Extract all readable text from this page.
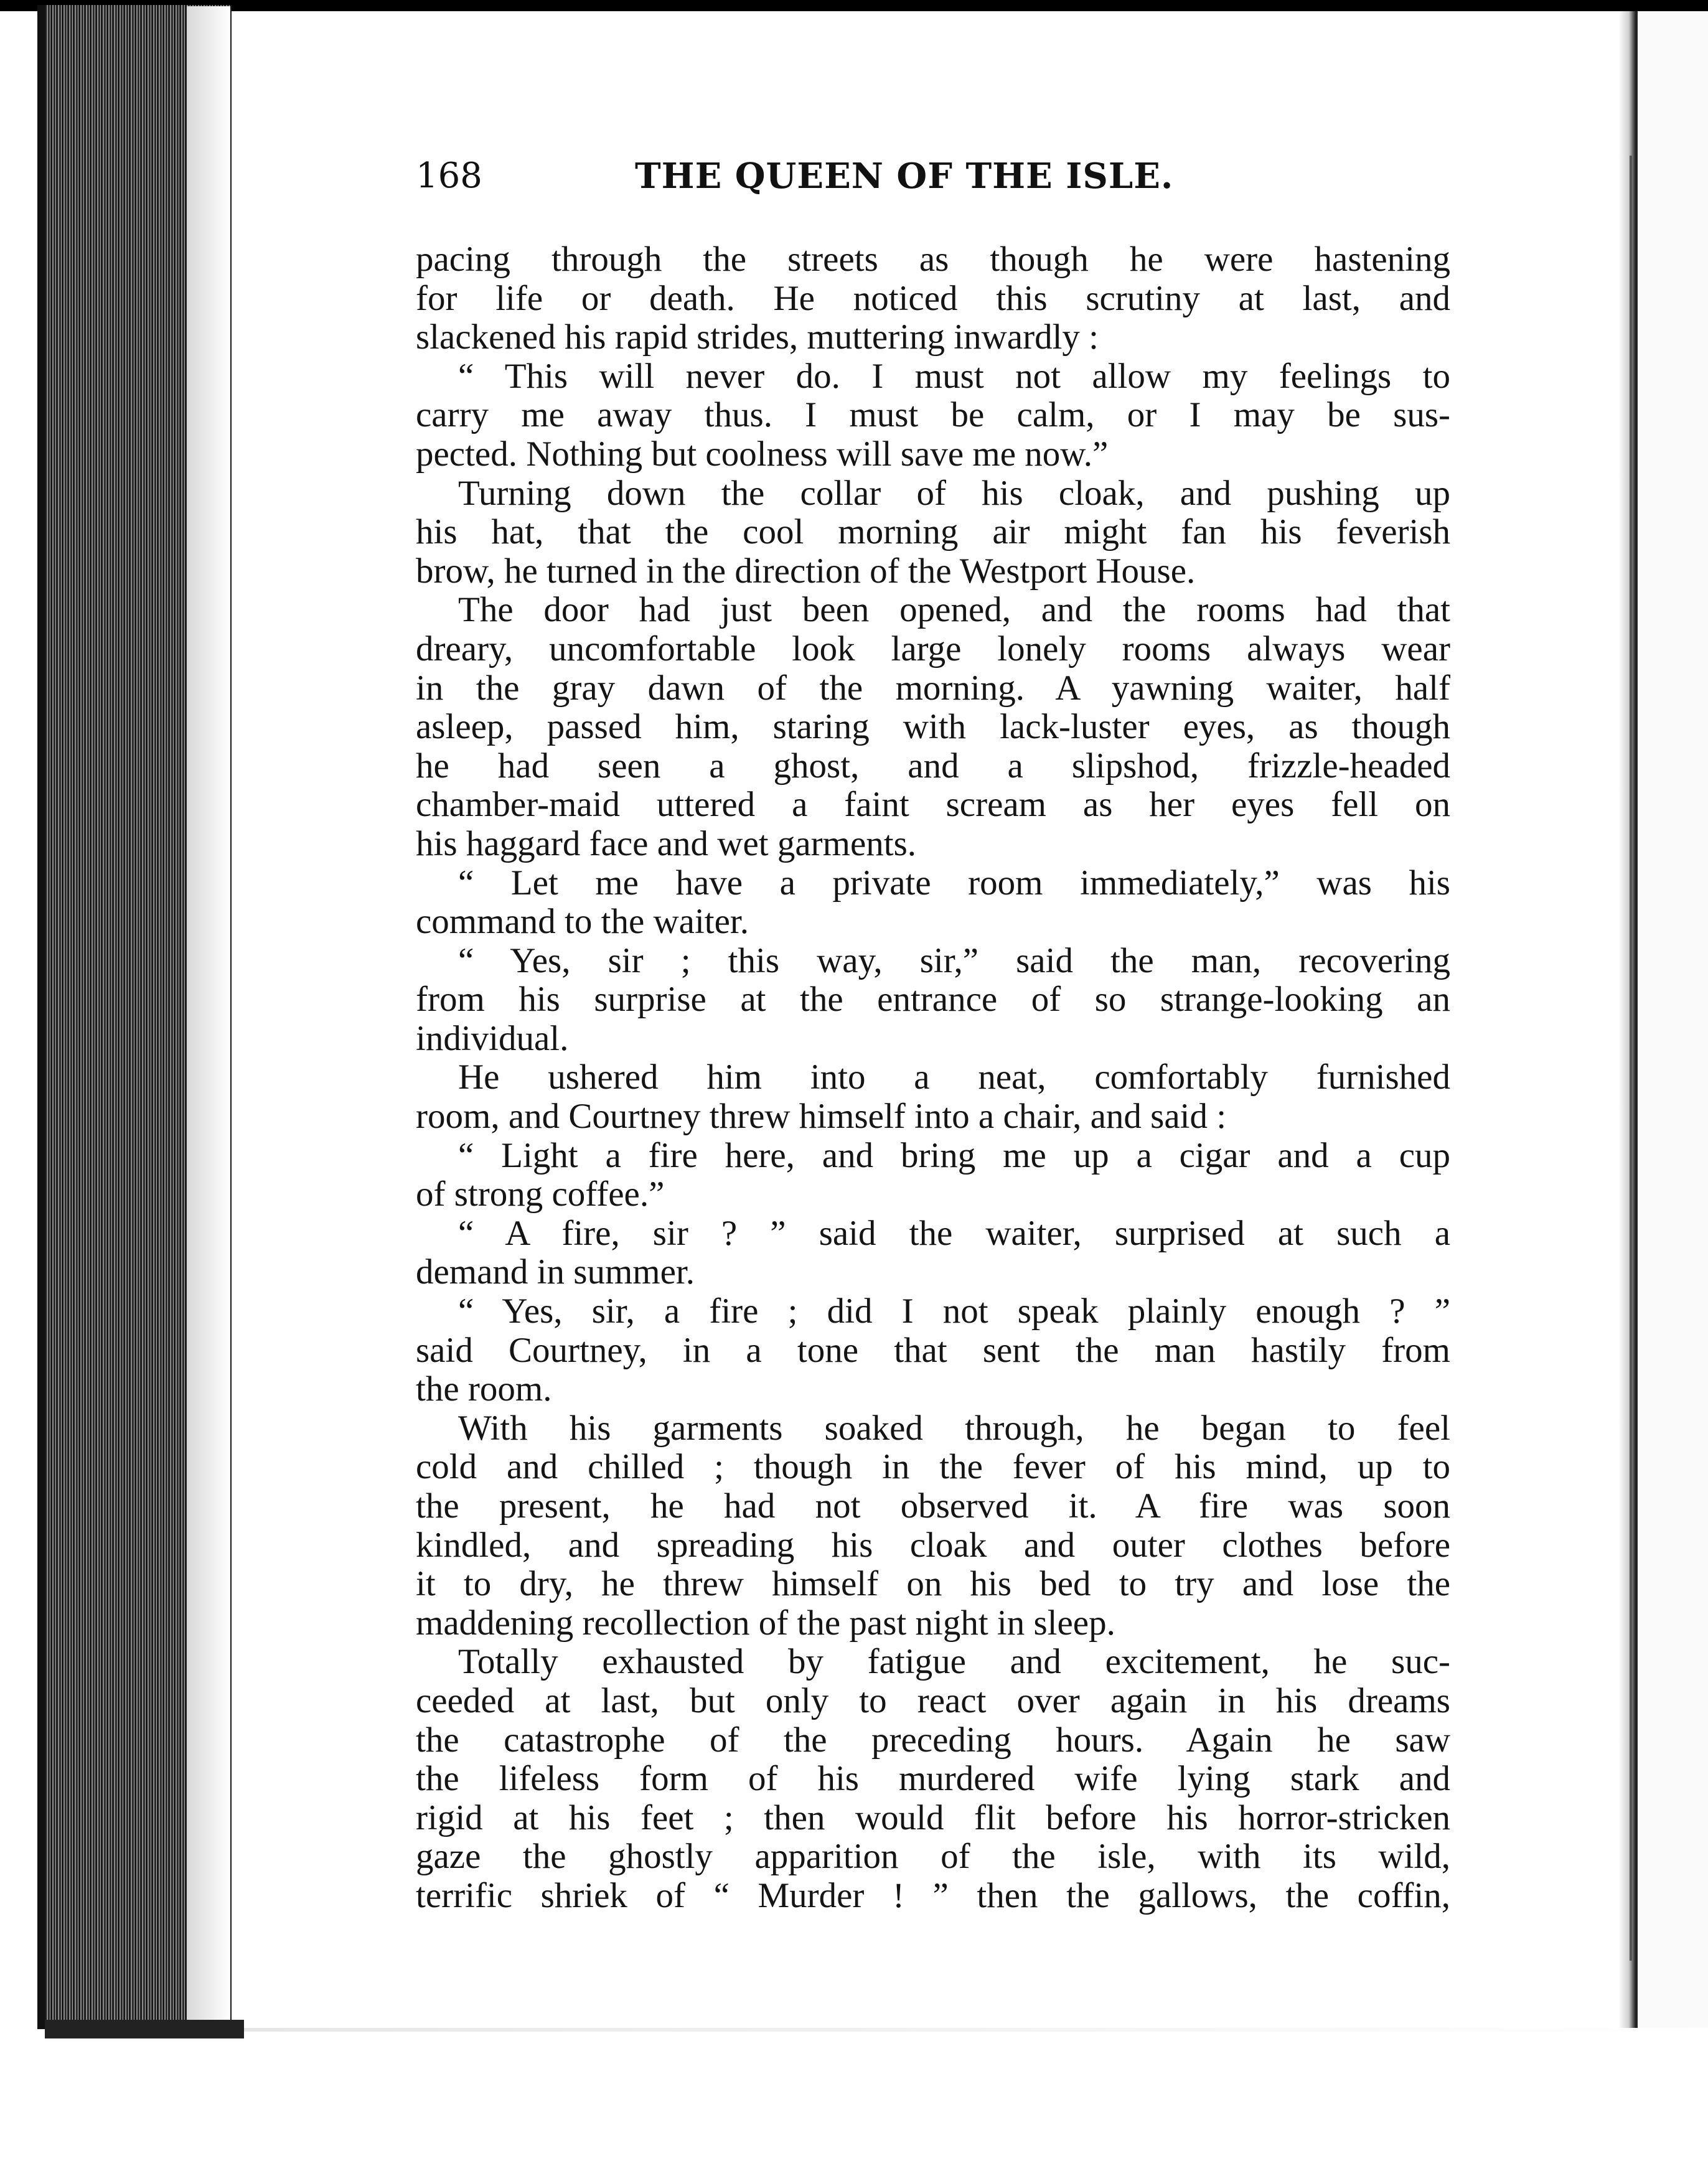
168	THE QUEEN OF THE ISLE.
pacing through the streets as though he were hastening
for life or death. He noticed this scrutiny at last, and
slackened his rapid strides, muttering inwardly :
“ This will never do. I must not allow my feelings to
carry me away thus. I must be calm, or I may be sus-
pected. Nothing but coolness will save me now.”
Turning down the collar of his cloak, and pushing up
his hat, that the cool morning air might fan his feverish
brow, he turned in the direction of the Westport House.
The door had just been opened, and the rooms had that
dreary, uncomfortable look large lonely rooms always wear
in the gray dawn of the morning. A yawning waiter, half
asleep, passed him, staring with lack-luster eyes, as though
he had seen a ghost, and a slipshod, frizzle-headed
chamber-maid uttered a faint scream as her eyes fell on
his haggard face and wet garments.
“ Let me have a private room immediately,” was his
command to the waiter.
“ Yes, sir ; this way, sir,” said the man, recovering
from his surprise at the entrance of so strange-looking an
individual.
He ushered him into a neat, comfortably furnished
room, and Courtney threw himself into a chair, and said :
“ Light a fire here, and bring me up a cigar and a cup
of strong coffee.”
“ A fire, sir ? ” said the waiter, surprised at such a
demand in summer.
“ Yes, sir, a fire ; did I not speak plainly enough ? ”
said Courtney, in a tone that sent the man hastily from
the room.
With his garments soaked through, he began to feel
cold and chilled ; though in the fever of his mind, up to
the present, he had not observed it. A fire was soon
kindled, and spreading his cloak and outer clothes before
it to dry, he threw himself on his bed to try and lose the
maddening recollection of the past night in sleep.
Totally exhausted by fatigue and excitement, he suc-
ceeded at last, but only to react over again in his dreams
the catastrophe of the preceding hours. Again he saw
the lifeless form of his murdered wife lying stark and
rigid at his feet ; then would flit before his horror-stricken
gaze the ghostly apparition of the isle, with its wild,
terrific shriek of “ Murder ! ” then the gallows, the coffin,
